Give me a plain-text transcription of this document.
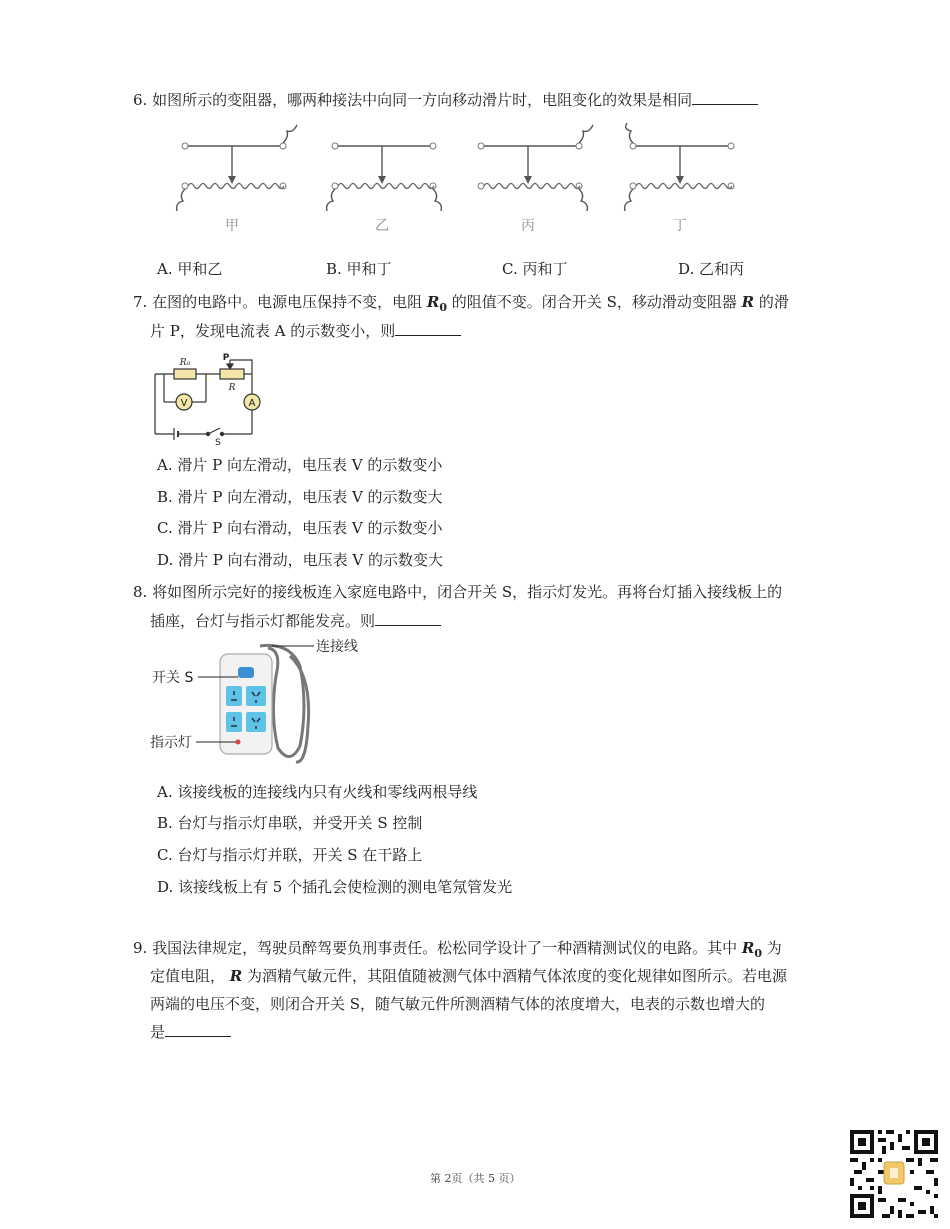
6. 如图所示的变阻器，哪两种接法中向同一方向移动滑片时，电阻变化的效果是相同
甲	乙	丙	丁
A. 甲和乙	B. 甲和丁	C. 丙和丁	D. 乙和丙
7. 在图的电路中。电源电压保持不变，电阻 $R_0$ 的阻值不变。闭合开关 S，移动滑动变阻器 R 的滑
片 P，发现电流表 A 的示数变小，则
V	A
R₀	P
R
S
A. 滑片 P 向左滑动，电压表 V 的示数变小
B. 滑片 P 向左滑动，电压表 V 的示数变大
C. 滑片 P 向右滑动，电压表 V 的示数变小
D. 滑片 P 向右滑动，电压表 V 的示数变大
8. 将如图所示完好的接线板连入家庭电路中，闭合开关 S，指示灯发光。再将台灯插入接线板上的
插座，台灯与指示灯都能发亮。则
连接线
开关 S
指示灯
A. 该接线板的连接线内只有火线和零线两根导线
B. 台灯与指示灯串联，并受开关 S 控制
C. 台灯与指示灯并联，开关 S 在干路上
D. 该接线板上有 5 个插孔会使检测的测电笔氖管发光
9. 我国法律规定，驾驶员醉驾要负刑事责任。松松同学设计了一种酒精测试仪的电路。其中 $R_0$ 为
定值电阻， R 为酒精气敏元件，其阻值随被测气体中酒精气体浓度的变化规律如图所示。若电源
两端的电压不变，则闭合开关 S，随气敏元件所测酒精气体的浓度增大，电表的示数也增大的
是
第 2页（共 5 页）
